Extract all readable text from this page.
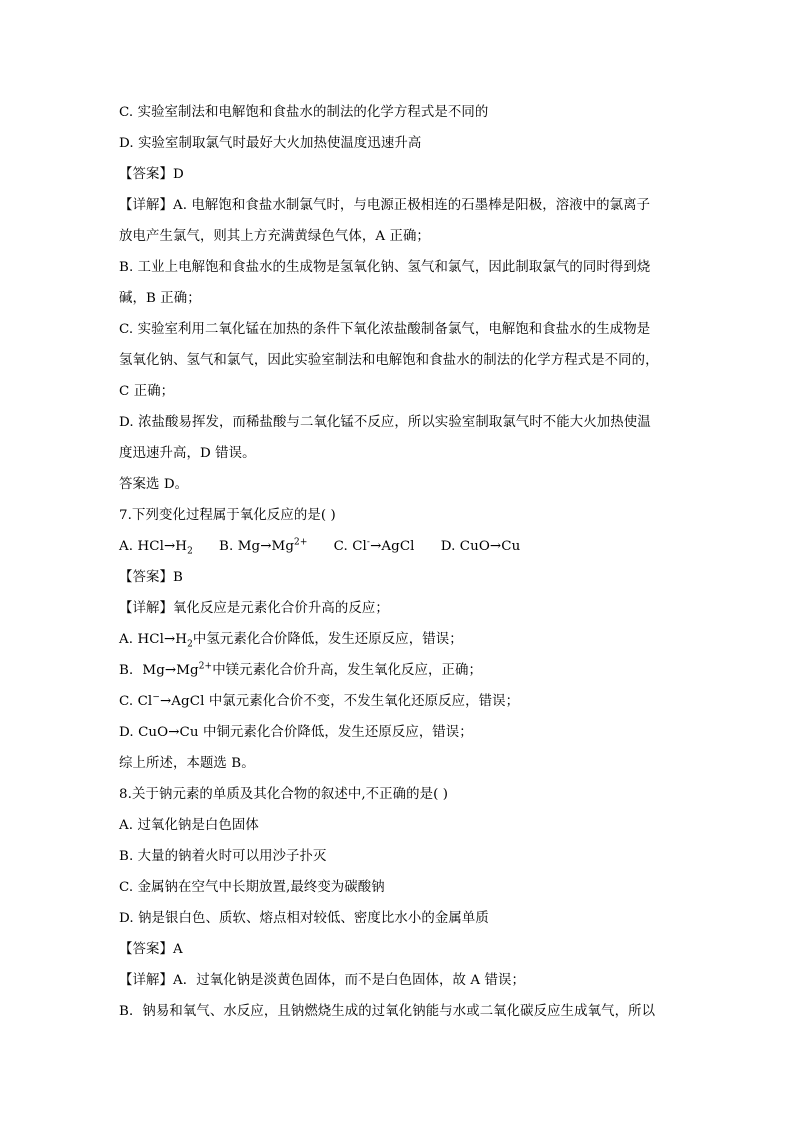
C. 实验室制法和电解饱和食盐水的制法的化学方程式是不同的
D. 实验室制取氯气时最好大火加热使温度迅速升高
【答案】D
【详解】A. 电解饱和食盐水制氯气时，与电源正极相连的石墨棒是阳极，溶液中的氯离子
放电产生氯气，则其上方充满黄绿色气体，A 正确；
B. 工业上电解饱和食盐水的生成物是氢氧化钠、氢气和氯气，因此制取氯气的同时得到烧
碱，B 正确；
C. 实验室利用二氧化锰在加热的条件下氧化浓盐酸制备氯气，电解饱和食盐水的生成物是
氢氧化钠、氢气和氯气，因此实验室制法和电解饱和食盐水的制法的化学方程式是不同的，
C 正确；
D. 浓盐酸易挥发，而稀盐酸与二氧化锰不反应，所以实验室制取氯气时不能大火加热使温
度迅速升高，D 错误。
答案选 D。
7.下列变化过程属于氧化反应的是( )
A. $HCl\to H_2$      B. $Mg\to Mg^{2+}$      C. Cl-→AgCl      D. CuO→Cu
【答案】B
【详解】氧化反应是元素化合价升高的反应；
A. $HCl\to H_2$中氢元素化合价降低，发生还原反应，错误；
B．$Mg\to Mg^{2+}$中镁元素化合价升高，发生氧化反应，正确；
C. Cl−→AgCl 中氯元素化合价不变，不发生氧化还原反应，错误；
D. CuO→Cu 中铜元素化合价降低，发生还原反应，错误；
综上所述，本题选 B。
8.关于钠元素的单质及其化合物的叙述中,不正确的是( )
A. 过氧化钠是白色固体
B. 大量的钠着火时可以用沙子扑灭
C. 金属钠在空气中长期放置,最终变为碳酸钠
D. 钠是银白色、质软、熔点相对较低、密度比水小的金属单质
【答案】A
【详解】A．过氧化钠是淡黄色固体，而不是白色固体，故 A 错误；
B．钠易和氧气、水反应，且钠燃烧生成的过氧化钠能与水或二氧化碳反应生成氧气，所以
